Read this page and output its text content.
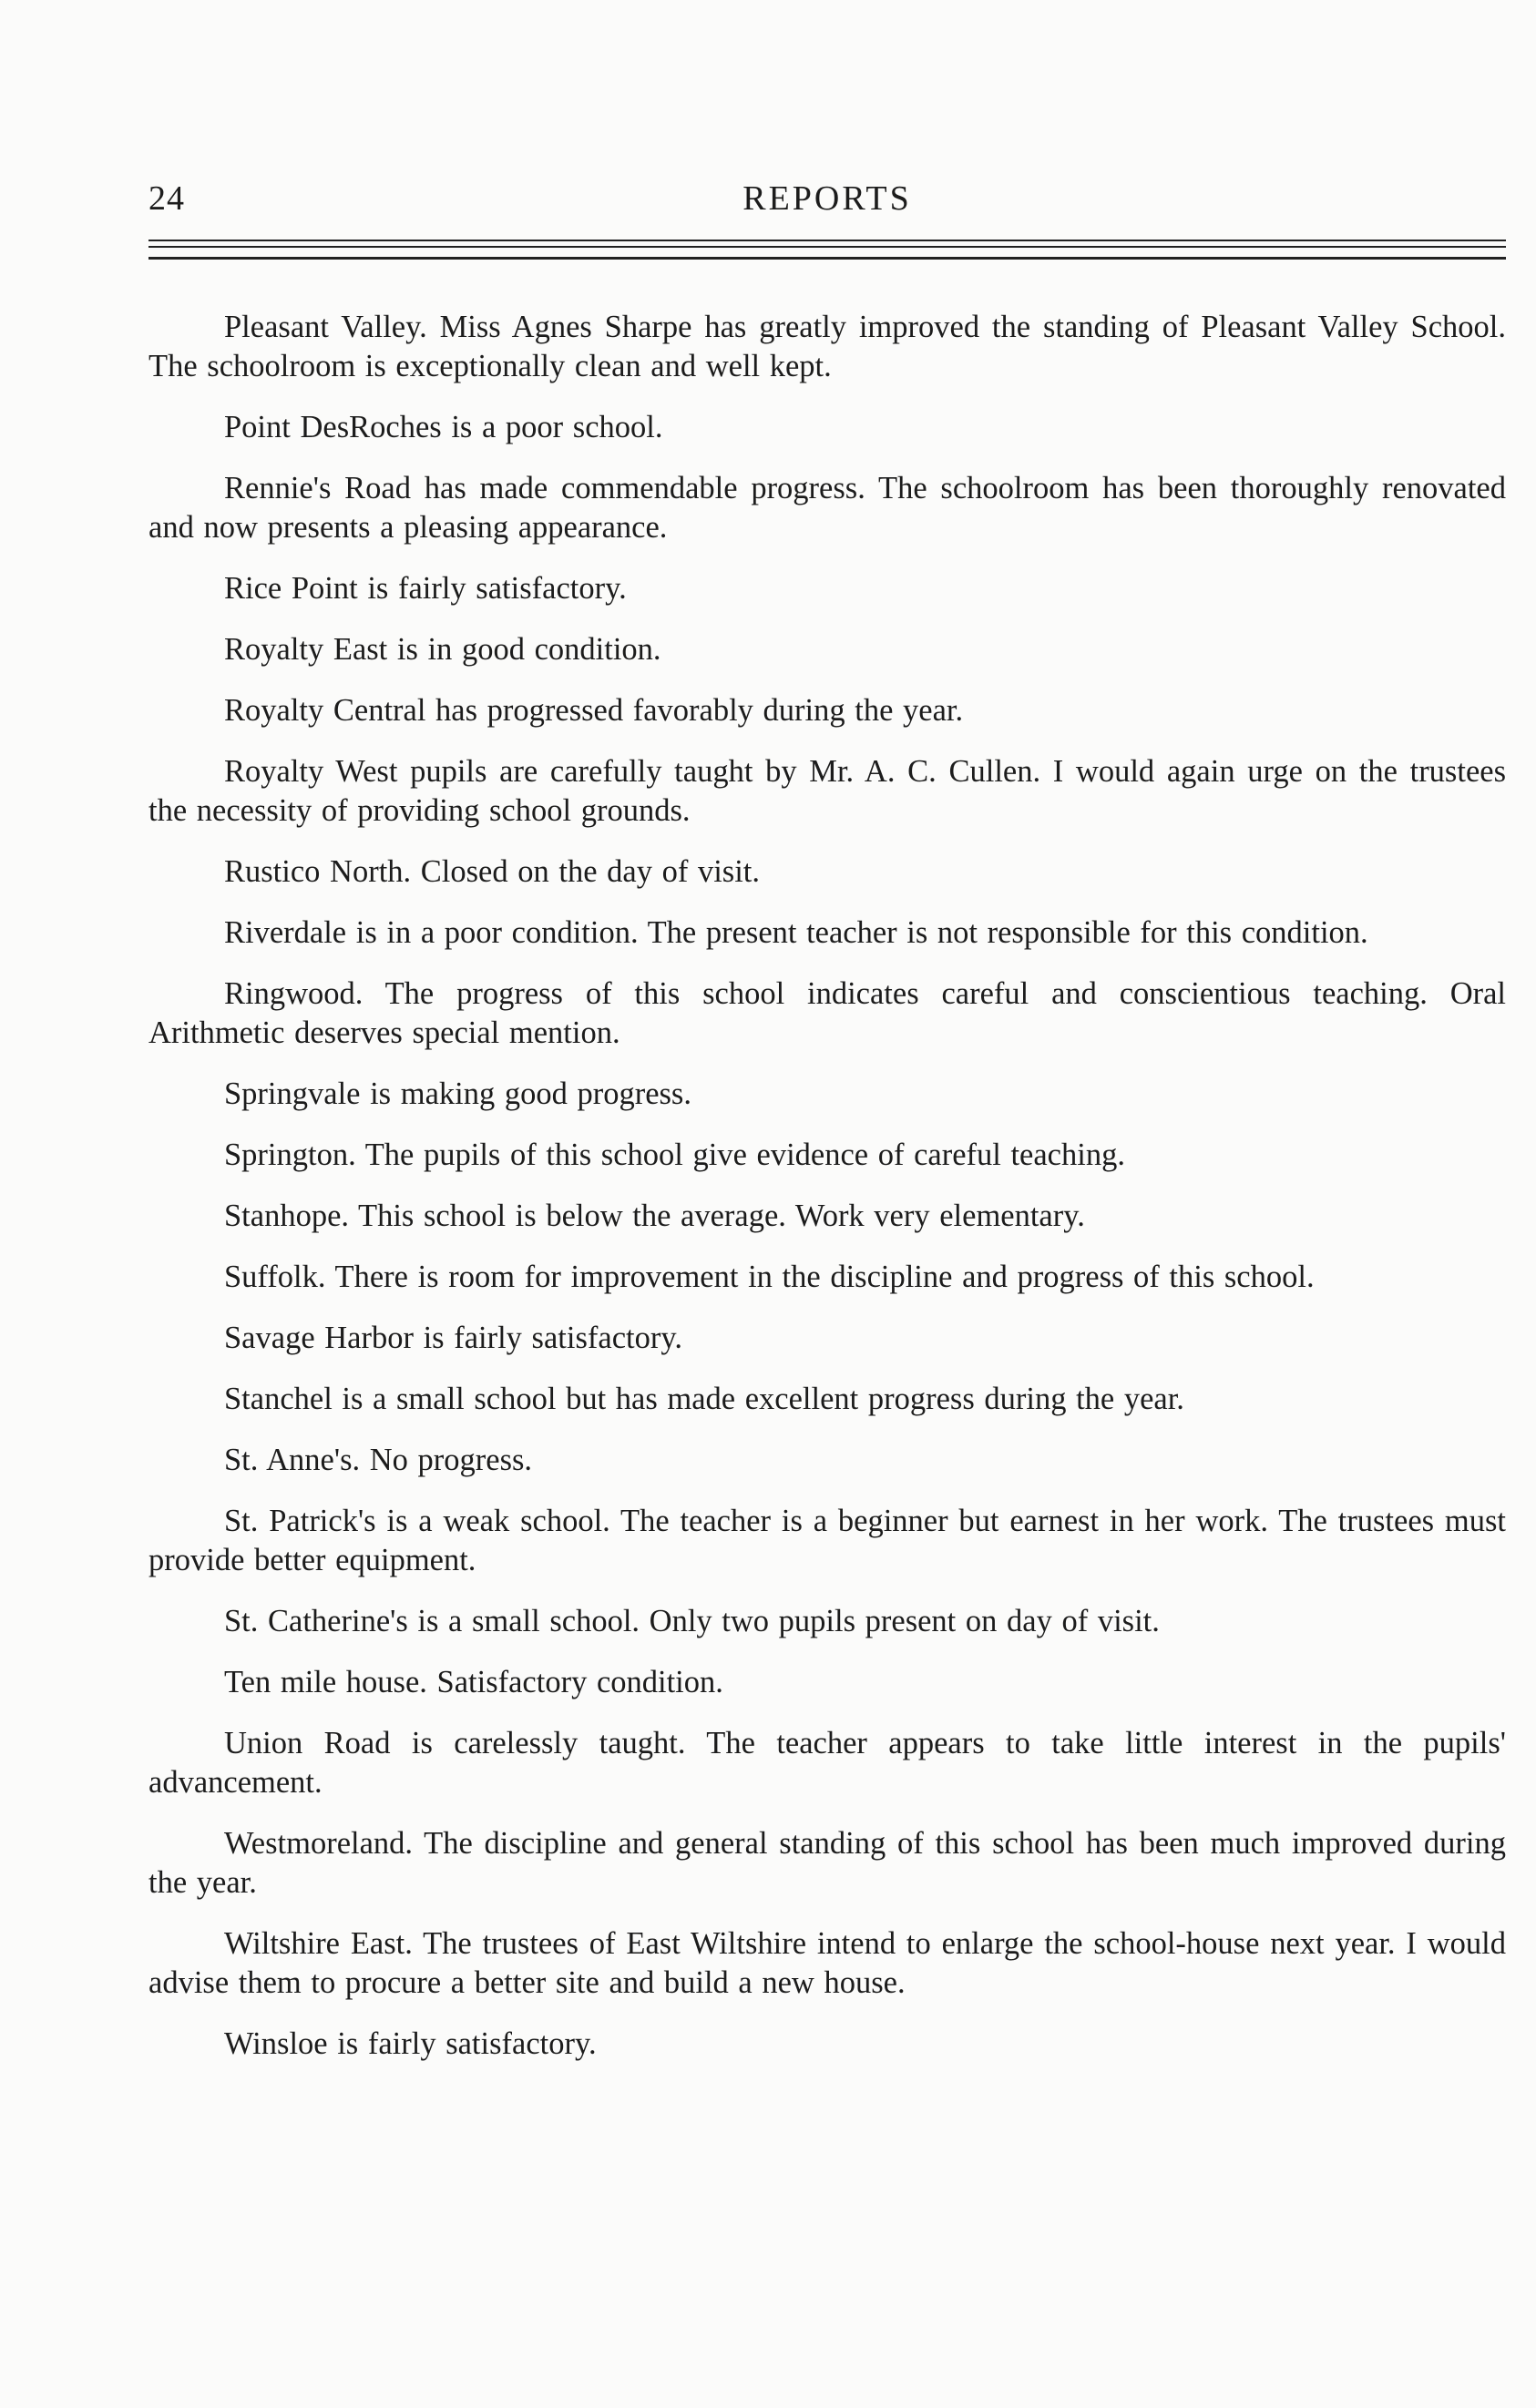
24	REPORTS

Pleasant Valley. Miss Agnes Sharpe has greatly improved the standing of Pleasant Valley School. The schoolroom is exceptionally clean and well kept.

Point DesRoches is a poor school.

Rennie's Road has made commendable progress. The schoolroom has been thoroughly renovated and now presents a pleasing appearance.

Rice Point is fairly satisfactory.

Royalty East is in good condition.

Royalty Central has progressed favorably during the year.

Royalty West pupils are carefully taught by Mr. A. C. Cullen. I would again urge on the trustees the necessity of providing school grounds.

Rustico North. Closed on the day of visit.

Riverdale is in a poor condition. The present teacher is not responsible for this condition.

Ringwood. The progress of this school indicates careful and conscientious teaching. Oral Arithmetic deserves special mention.

Springvale is making good progress.

Springton. The pupils of this school give evidence of careful teaching.

Stanhope. This school is below the average. Work very elementary.

Suffolk. There is room for improvement in the discipline and progress of this school.

Savage Harbor is fairly satisfactory.

Stanchel is a small school but has made excellent progress during the year.

St. Anne's. No progress.

St. Patrick's is a weak school. The teacher is a beginner but earnest in her work. The trustees must provide better equipment.

St. Catherine's is a small school. Only two pupils present on day of visit.

Ten mile house. Satisfactory condition.

Union Road is carelessly taught. The teacher appears to take little interest in the pupils' advancement.

Westmoreland. The discipline and general standing of this school has been much improved during the year.

Wiltshire East. The trustees of East Wiltshire intend to enlarge the school-house next year. I would advise them to procure a better site and build a new house.

Winsloe is fairly satisfactory.
